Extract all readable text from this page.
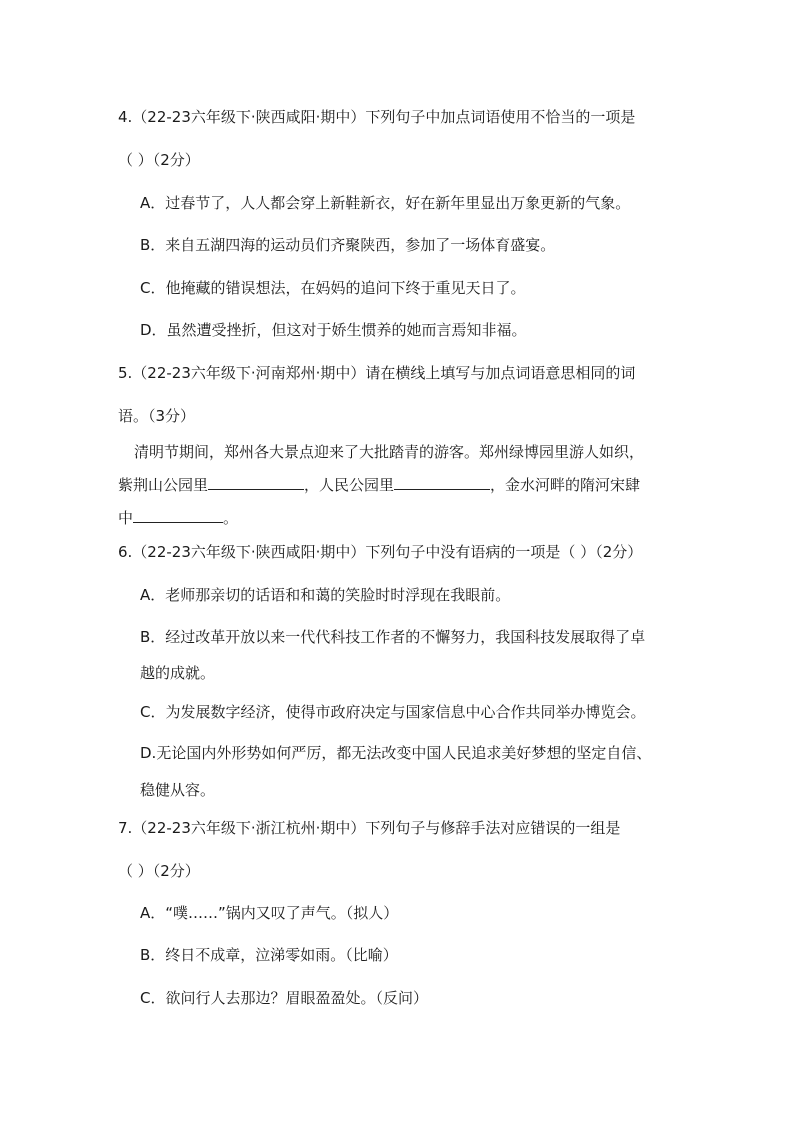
4.（22-23六年级下·陕西咸阳·期中）下列句子中加点词语使用不恰当的一项是
（ ）（2分）
A．过春节了，人人都会穿上新鞋新衣，好在新年里显出万象更新的气象。
B．来自五湖四海的运动员们齐聚陕西，参加了一场体育盛宴。
C．他掩藏的错误想法，在妈妈的追问下终于重见天日了。
D．虽然遭受挫折，但这对于娇生惯养的她而言焉知非福。
5.（22-23六年级下·河南郑州·期中）请在横线上填写与加点词语意思相同的词
语。（3分）
清明节期间，郑州各大景点迎来了大批踏青的游客。郑州绿博园里游人如织，
紫荆山公园里	，人民公园里	，金水河畔的隋河宋肆
中	。
6.（22-23六年级下·陕西咸阳·期中）下列句子中没有语病的一项是（ ）（2分）
A．老师那亲切的话语和和蔼的笑脸时时浮现在我眼前。
B．经过改革开放以来一代代科技工作者的不懈努力，我国科技发展取得了卓
越的成就。
C．为发展数字经济，使得市政府决定与国家信息中心合作共同举办博览会。
D.无论国内外形势如何严厉，都无法改变中国人民追求美好梦想的坚定自信、
稳健从容。
7.（22-23六年级下·浙江杭州·期中）下列句子与修辞手法对应错误的一组是
（ ）（2分）
A．“噗……”锅内又叹了声气。（拟人）
B．终日不成章，泣涕零如雨。（比喻）
C．欲问行人去那边？眉眼盈盈处。（反问）
